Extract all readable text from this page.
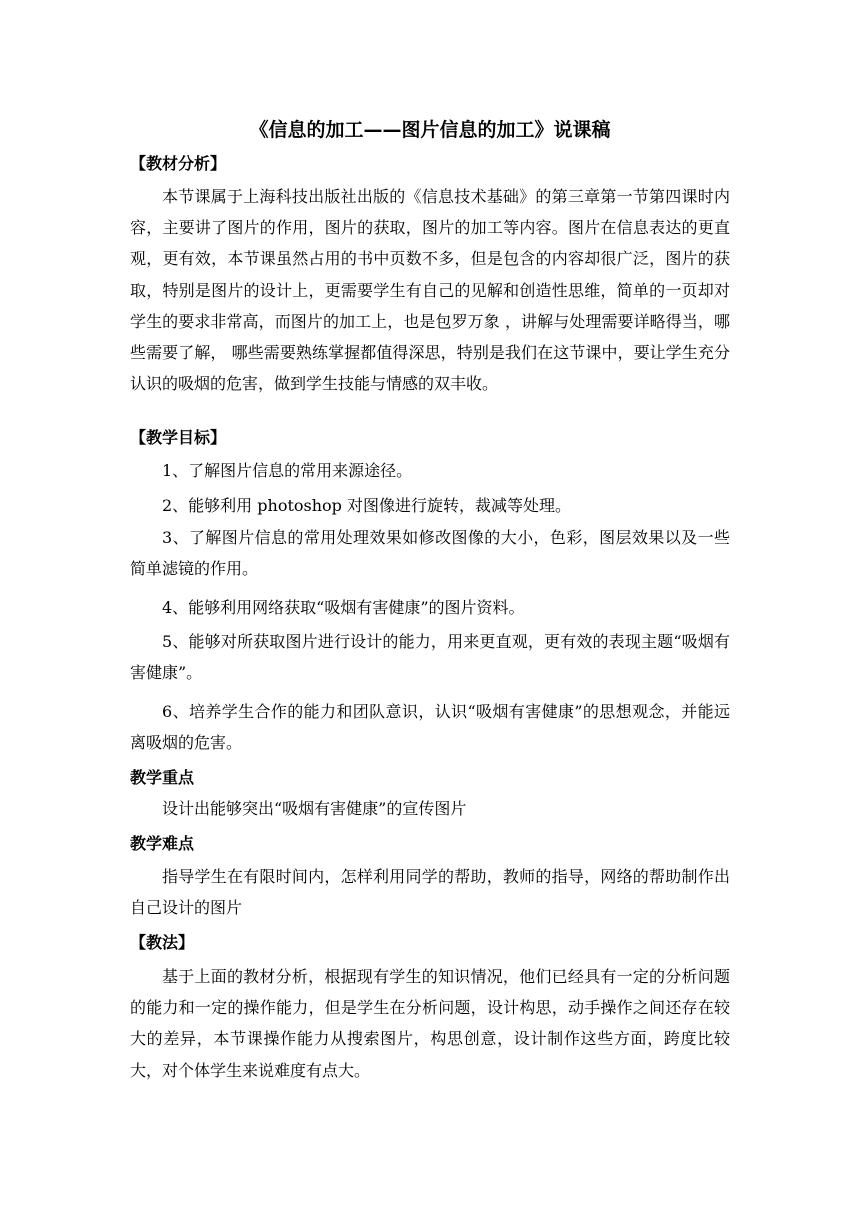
《信息的加工——图片信息的加工》说课稿
【教材分析】
本节课属于上海科技出版社出版的《信息技术基础》的第三章第一节第四课时内容，主要讲了图片的作用，图片的获取，图片的加工等内容。图片在信息表达的更直观，更有效，本节课虽然占用的书中页数不多，但是包含的内容却很广泛，图片的获取，特别是图片的设计上，更需要学生有自己的见解和创造性思维，简单的一页却对学生的要求非常高，而图片的加工上，也是包罗万象 ，讲解与处理需要详略得当，哪些需要了解， 哪些需要熟练掌握都值得深思，特别是我们在这节课中，要让学生充分认识的吸烟的危害，做到学生技能与情感的双丰收。
【教学目标】
1、了解图片信息的常用来源途径。
2、能够利用 photoshop 对图像进行旋转，裁减等处理。
3、了解图片信息的常用处理效果如修改图像的大小，色彩，图层效果以及一些简单滤镜的作用。
4、能够利用网络获取“吸烟有害健康”的图片资料。
5、能够对所获取图片进行设计的能力，用来更直观，更有效的表现主题“吸烟有害健康”。
6、培养学生合作的能力和团队意识，认识“吸烟有害健康”的思想观念，并能远离吸烟的危害。
教学重点
设计出能够突出“吸烟有害健康”的宣传图片
教学难点
指导学生在有限时间内，怎样利用同学的帮助，教师的指导，网络的帮助制作出自己设计的图片
【教法】
基于上面的教材分析，根据现有学生的知识情况，他们已经具有一定的分析问题的能力和一定的操作能力，但是学生在分析问题，设计构思，动手操作之间还存在较大的差异，本节课操作能力从搜索图片，构思创意，设计制作这些方面，跨度比较大，对个体学生来说难度有点大。
